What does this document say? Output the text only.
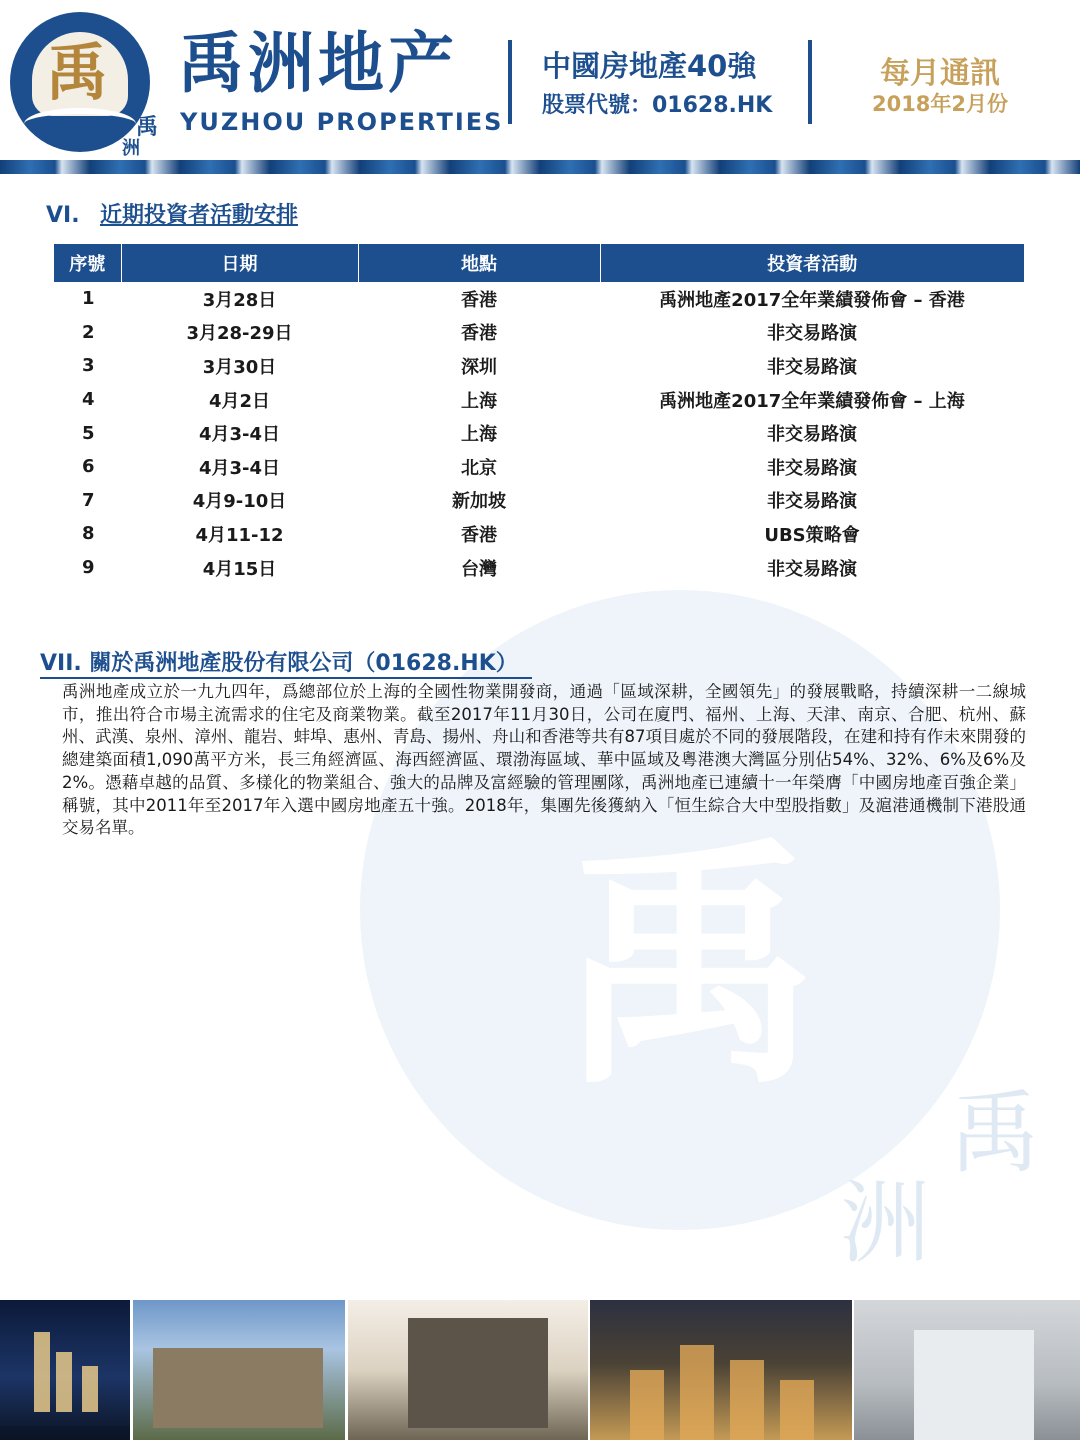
禹
禹
洲
禹
禹
洲
禹洲地产
YUZHOU PROPERTIES
中國房地產40強
股票代號：01628.HK
每月通訊
2018年2月份
VI. 近期投資者活動安排
序號	日期	地點	投資者活動
1	3月28日	香港	禹洲地產2017全年業績發佈會 – 香港
2	3月28-29日	香港	非交易路演
3	3月30日	深圳	非交易路演
4	4月2日	上海	禹洲地產2017全年業績發佈會 – 上海
5	4月3-4日	上海	非交易路演
6	4月3-4日	北京	非交易路演
7	4月9-10日	新加坡	非交易路演
8	4月11-12	香港	UBS策略會
9	4月15日	台灣	非交易路演
VII. 關於禹洲地產股份有限公司（01628.HK）
禹洲地產成立於一九九四年，爲總部位於上海的全國性物業開發商，通過「區域深耕，全國領先」的發展戰略，持續深耕一二線城市，推出符合市場主流需求的住宅及商業物業。截至2017年11月30日，公司在廈門、福州、上海、天津、南京、合肥、杭州、蘇州、武漢、泉州、漳州、龍岩、蚌埠、惠州、青島、揚州、舟山和香港等共有87項目處於不同的發展階段，在建和持有作未來開發的總建築面積1,090萬平方米，長三角經濟區、海西經濟區、環渤海區域、華中區域及粵港澳大灣區分別佔54%、32%、6%及6%及2%。憑藉卓越的品質、多樣化的物業組合、強大的品牌及富經驗的管理團隊，禹洲地產已連續十一年榮膺「中國房地產百強企業」稱號，其中2011年至2017年入選中國房地產五十強。2018年，集團先後獲納入「恒生綜合大中型股指數」及滬港通機制下港股通交易名單。
